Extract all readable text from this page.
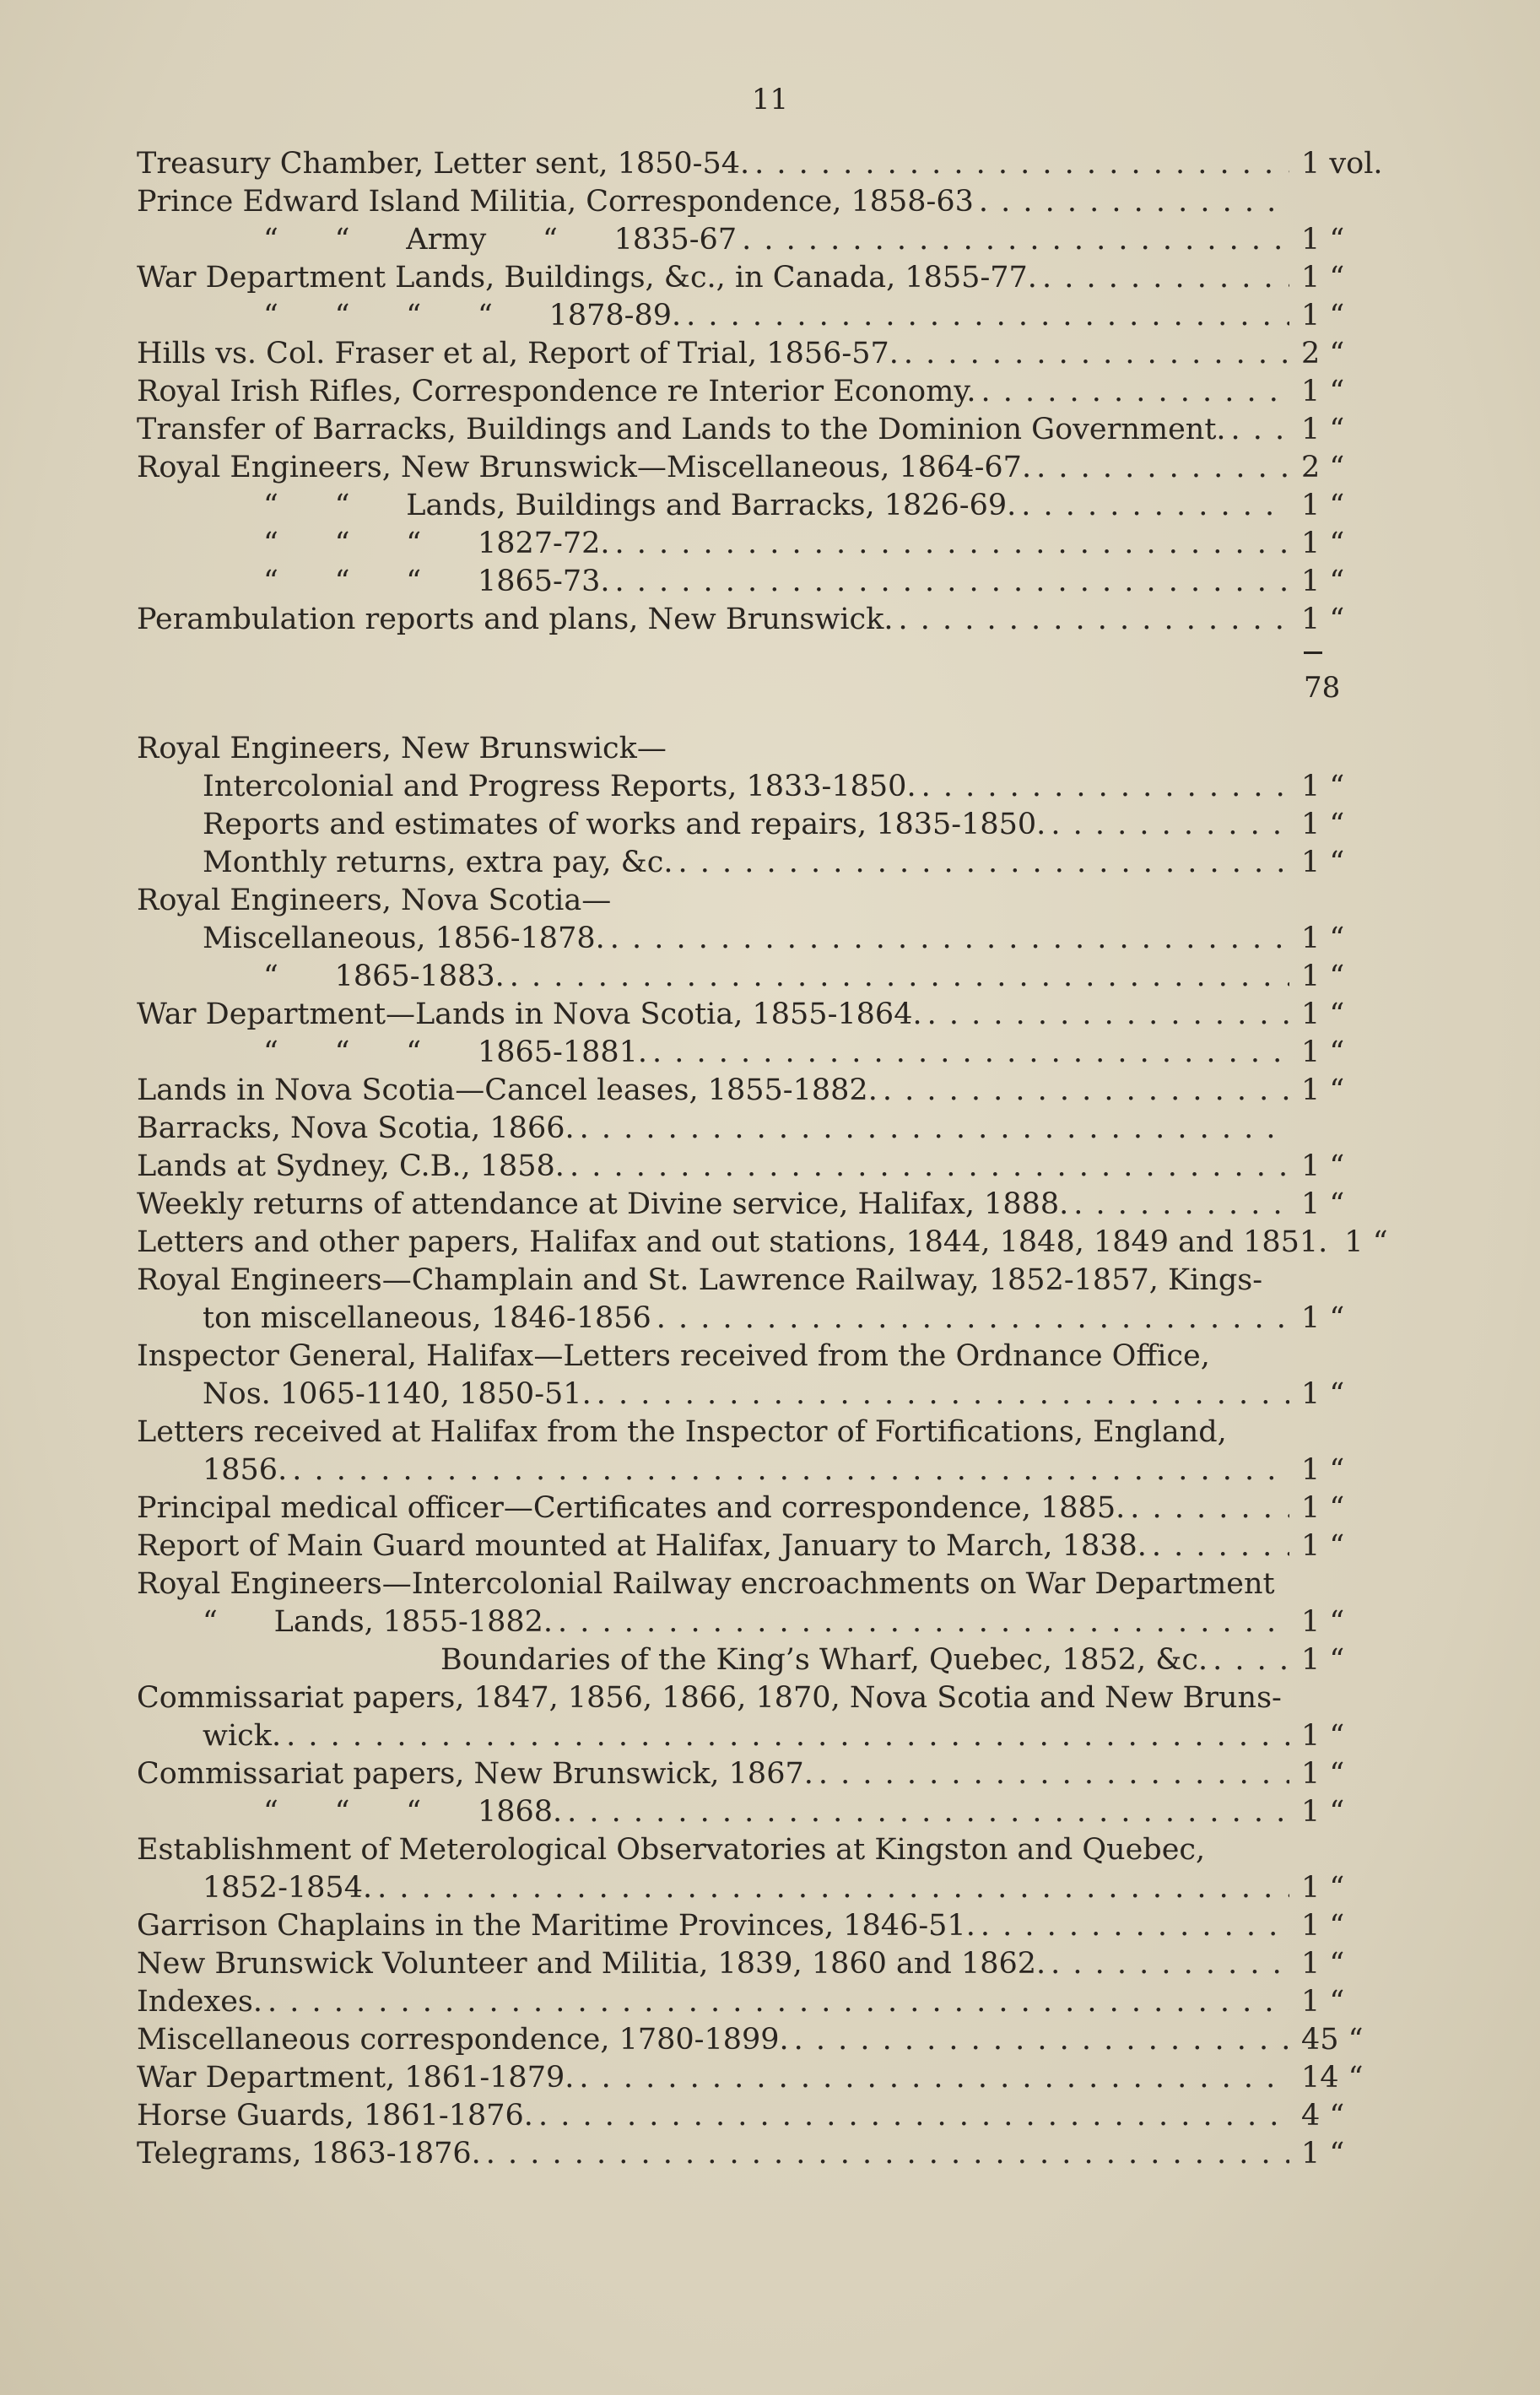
11
Treasury Chamber, Letter sent, 1850-54. . . .	1 vol.
Prince Edward Island Militia, Correspondence, 1858-63
. . .
“      “      Army      “      1835-67 . . .	1 “
War Department Lands, Buildings, &c., in Canada, 1855-77. . . .	1 “
“      “      “      “      1878-89. . . .	1 “
Hills vs. Col. Fraser et al, Report of Trial, 1856-57. . . .	2 “
Royal Irish Rifles, Correspondence re Interior Economy. . . .	1 “
Transfer of Barracks, Buildings and Lands to the Dominion Government. . . .	1 “
Royal Engineers, New Brunswick—Miscellaneous, 1864-67. . . .	2 “
“      “      Lands, Buildings and Barracks, 1826-69. . . .	1 “
“      “      “      1827-72. . . .	1 “
“      “      “      1865-73. . . .	1 “
Perambulation reports and plans, New Brunswick. . . .	1 “
78
Royal Engineers, New Brunswick—
Intercolonial and Progress Reports, 1833-1850. . . .	1 “
Reports and estimates of works and repairs, 1835-1850. . . .	1 “
Monthly returns, extra pay, &c. . . .	1 “
Royal Engineers, Nova Scotia—
Miscellaneous, 1856-1878. . . .	1 “
“      1865-1883. . . .	1 “
War Department—Lands in Nova Scotia, 1855-1864. . . .	1 “
“      “      “      1865-1881. . . .	1 “
Lands in Nova Scotia—Cancel leases, 1855-1882. . . .	1 “
Barracks, Nova Scotia, 1866.
. . .
Lands at Sydney, C.B., 1858. . . .	1 “
Weekly returns of attendance at Divine service, Halifax, 1888. . . .	1 “
Letters and other papers, Halifax and out stations, 1844, 1848, 1849 and 1851. 1 “
Royal Engineers—Champlain and St. Lawrence Railway, 1852-1857, Kings-
ton miscellaneous, 1846-1856 . . .	1 “
Inspector General, Halifax—Letters received from the Ordnance Office,
Nos. 1065-1140, 1850-51. . . .	1 “
Letters received at Halifax from the Inspector of Fortifications, England,
1856. . . .	1 “
Principal medical officer—Certificates and correspondence, 1885. . . .	1 “
Report of Main Guard mounted at Halifax, January to March, 1838. . . .	1 “
Royal Engineers—Intercolonial Railway encroachments on War Department
“      Lands, 1855-1882. . . .	1 “
Boundaries of the King’s Wharf, Quebec, 1852, &c. . . .	1 “
Commissariat papers, 1847, 1856, 1866, 1870, Nova Scotia and New Bruns-
wick. . . .	1 “
Commissariat papers, New Brunswick, 1867. . . .	1 “
“      “      “      1868. . . .	1 “
Establishment of Meterological Observatories at Kingston and Quebec,
1852-1854. . . .	1 “
Garrison Chaplains in the Maritime Provinces, 1846-51. . . .	1 “
New Brunswick Volunteer and Militia, 1839, 1860 and 1862. . . .	1 “
Indexes. . . .	1 “
Miscellaneous correspondence, 1780-1899. . . .	45 “
War Department, 1861-1879. . . .	14 “
Horse Guards, 1861-1876. . . .	4 “
Telegrams, 1863-1876. . . .	1 “
